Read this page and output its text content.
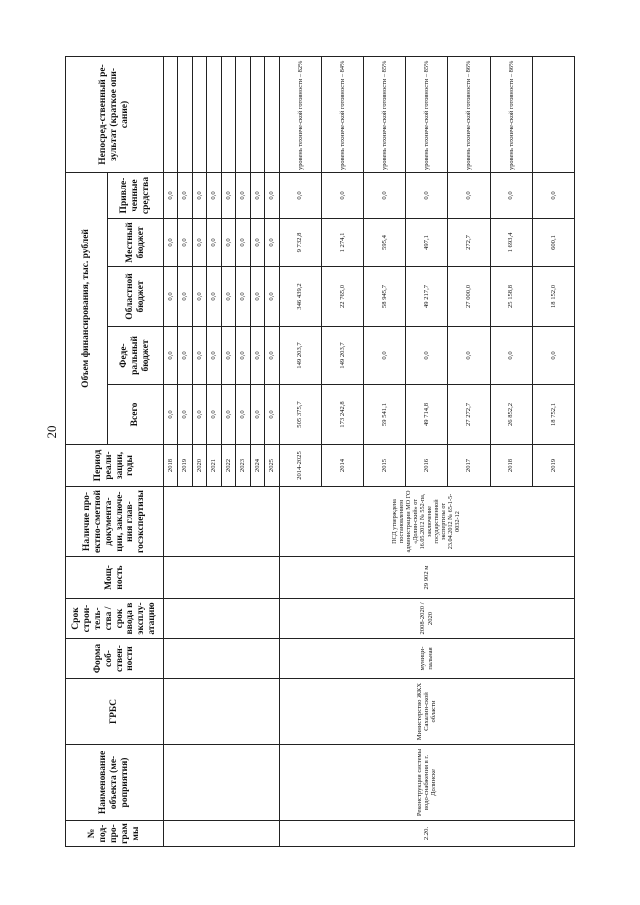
20
№ под-про-грам мы	Наименование объекта (ме-роприятия)	ГРБС	Форма соб-ствен-ности	Срок строи-тель-ства / срок ввода в эксплу-атацию	Мощ-ность	Наличие про-ектно-сметной документа-ции, заключе-ния глав-госэкспертизы	Период реали-зации, годы	Объем финансирования, тыс. рублей					Непосред-ственный ре-зультат (краткое опи-сание)
								Всего	Феде-ральный бюджет	Областной бюджет	Местный бюджет	Привле-ченные средства	
							2018	0,0	0,0	0,0	0,0	0,0	
							2019	0,0	0,0	0,0	0,0	0,0	
							2020	0,0	0,0	0,0	0,0	0,0	
							2021	0,0	0,0	0,0	0,0	0,0	
							2022	0,0	0,0	0,0	0,0	0,0	
							2023	0,0	0,0	0,0	0,0	0,0	
							2024	0,0	0,0	0,0	0,0	0,0	
							2025	0,0	0,0	0,0	0,0	0,0	
2.20.	Реконструкция системы водо-снабжения в г. Долинске	Министерство ЖКХ Сахалин-ской области	муници-пальная	2008-2020 / 2020	29 902 м	ПСД утверждена постановлением администрации МО ГО «Долин-ский» от 16.05.2012 № 552-па, заключение государственной экспертизы от 23.04.2012 № 65-1-5-0032-12	2014-2025	505 375,7	149 203,7	346 439,2	9 732,8	0,0	уровень техниче-ской готовности – 82%
							2014	173 242,8	149 203,7	22 765,0	1 274,1	0,0	уровень техниче-ской готовности – 84%
							2015	59 541,1	0,0	58 945,7	595,4	0,0	уровень техниче-ской готовности – 85%
							2016	49 714,8	0,0	49 217,7	497,1	0,0	уровень техниче-ской готовности – 85%
							2017	27 272,7	0,0	27 000,0	272,7	0,0	уровень техниче-ской готовности – 86%
							2018	26 852,2	0,0	25 158,8	1 693,4	0,0	уровень техниче-ской готовности – 86%
							2019	18 752,1	0,0	18 152,0	600,1	0,0	
